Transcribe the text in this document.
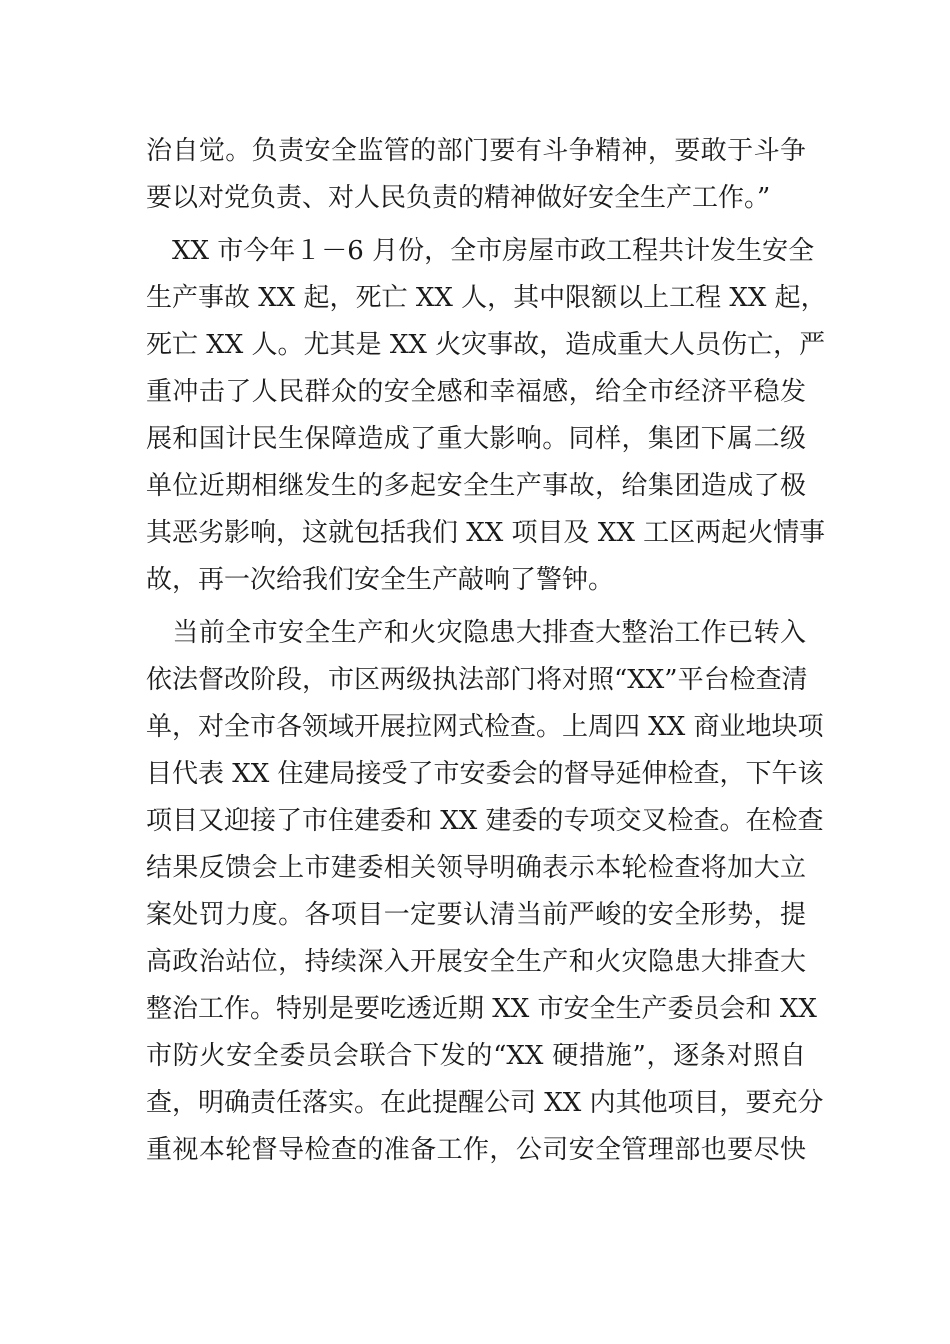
治自觉。负责安全监管的部门要有斗争精神，要敢于斗争
要以对党负责、对人民负责的精神做好安全生产工作。”
　XX 市今年１－6 月份，全市房屋市政工程共计发生安全
生产事故 XX 起，死亡 XX 人，其中限额以上工程 XX 起，
死亡 XX 人。尤其是 XX 火灾事故，造成重大人员伤亡，严
重冲击了人民群众的安全感和幸福感，给全市经济平稳发
展和国计民生保障造成了重大影响。同样，集团下属二级
单位近期相继发生的多起安全生产事故，给集团造成了极
其恶劣影响，这就包括我们 XX 项目及 XX 工区两起火情事
故，再一次给我们安全生产敲响了警钟。
　当前全市安全生产和火灾隐患大排查大整治工作已转入
依法督改阶段，市区两级执法部门将对照“XX”平台检查清
单，对全市各领域开展拉网式检查。上周四 XX 商业地块项
目代表 XX 住建局接受了市安委会的督导延伸检查，下午该
项目又迎接了市住建委和 XX 建委的专项交叉检查。在检查
结果反馈会上市建委相关领导明确表示本轮检查将加大立
案处罚力度。各项目一定要认清当前严峻的安全形势，提
高政治站位，持续深入开展安全生产和火灾隐患大排查大
整治工作。特别是要吃透近期 XX 市安全生产委员会和 XX
市防火安全委员会联合下发的“XX 硬措施”，逐条对照自
查，明确责任落实。在此提醒公司 XX 内其他项目，要充分
重视本轮督导检查的准备工作，公司安全管理部也要尽快
